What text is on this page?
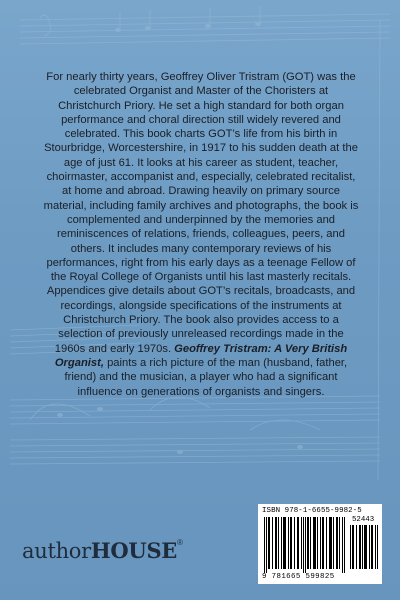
For nearly thirty years, Geoffrey Oliver Tristram (GOT) was the celebrated Organist and Master of the Choristers at Christchurch Priory. He set a high standard for both organ performance and choral direction still widely revered and celebrated. This book charts GOT’s life from his birth in Stourbridge, Worcestershire, in 1917 to his sudden death at the age of just 61. It looks at his career as student, teacher, choirmaster, accompanist and, especially, celebrated recitalist, at home and abroad. Drawing heavily on primary source material, including family archives and photographs, the book is complemented and underpinned by the memories and reminiscences of relations, friends, colleagues, peers, and others. It includes many contemporary reviews of his performances, right from his early days as a teenage Fellow of the Royal College of Organists until his last masterly recitals. Appendices give details about GOT’s recitals, broadcasts, and recordings, alongside specifications of the instruments at Christchurch Priory. The book also provides access to a selection of previously unreleased recordings made in the 1960s and early 1970s. Geoffrey Tristram: A Very British Organist, paints a rich picture of the man (husband, father, friend) and the musician, a player who had a significant influence on generations of organists and singers.

authorHOUSE®
ISBN 978-1-6655-9982-5
52443
9 781665 599825
